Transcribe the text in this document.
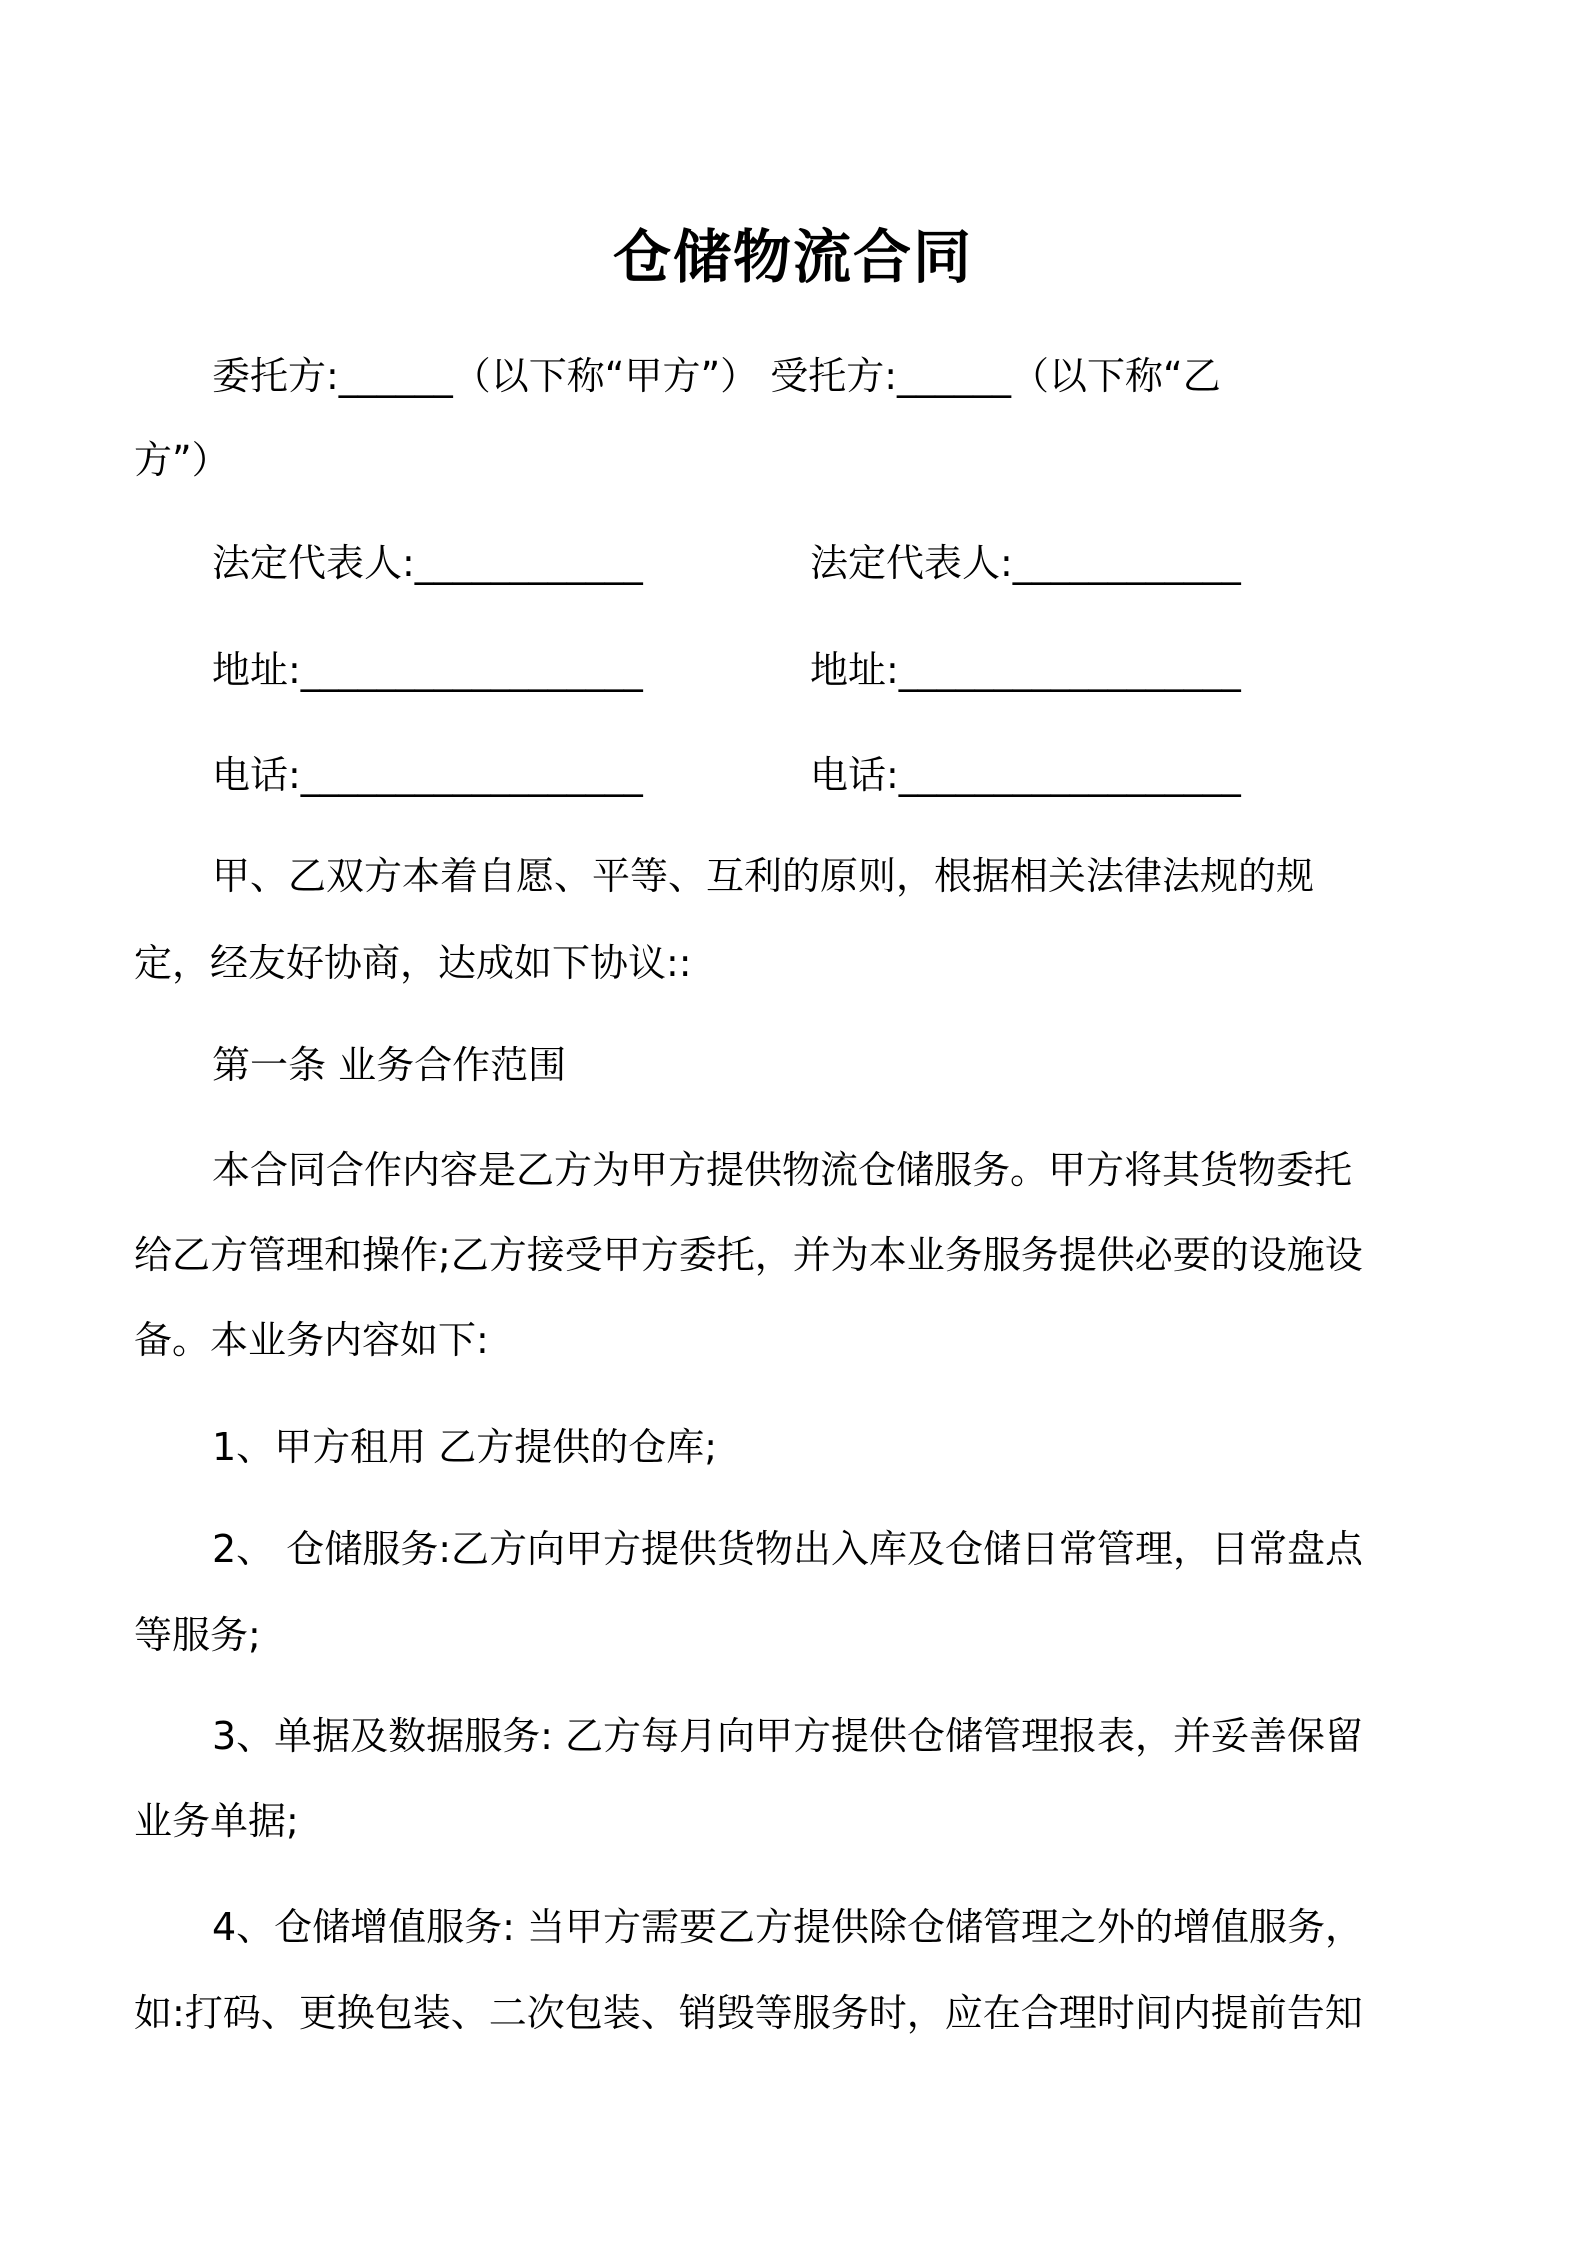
仓储物流合同
委托方:______（以下称“甲方”） 受托方:______（以下称“乙
方”）
法定代表人:____________	法定代表人:____________
地址:__________________	地址:__________________
电话:__________________	电话:__________________
甲、乙双方本着自愿、平等、互利的原则，根据相关法律法规的规
定，经友好协商，达成如下协议::
第一条 业务合作范围
本合同合作内容是乙方为甲方提供物流仓储服务。甲方将其货物委托
给乙方管理和操作;乙方接受甲方委托，并为本业务服务提供必要的设施设
备。本业务内容如下:
1、甲方租用 乙方提供的仓库;
2、 仓储服务:乙方向甲方提供货物出入库及仓储日常管理，日常盘点
等服务;
3、单据及数据服务: 乙方每月向甲方提供仓储管理报表，并妥善保留
业务单据;
4、仓储增值服务: 当甲方需要乙方提供除仓储管理之外的增值服务，
如:打码、更换包装、二次包装、销毁等服务时，应在合理时间内提前告知
